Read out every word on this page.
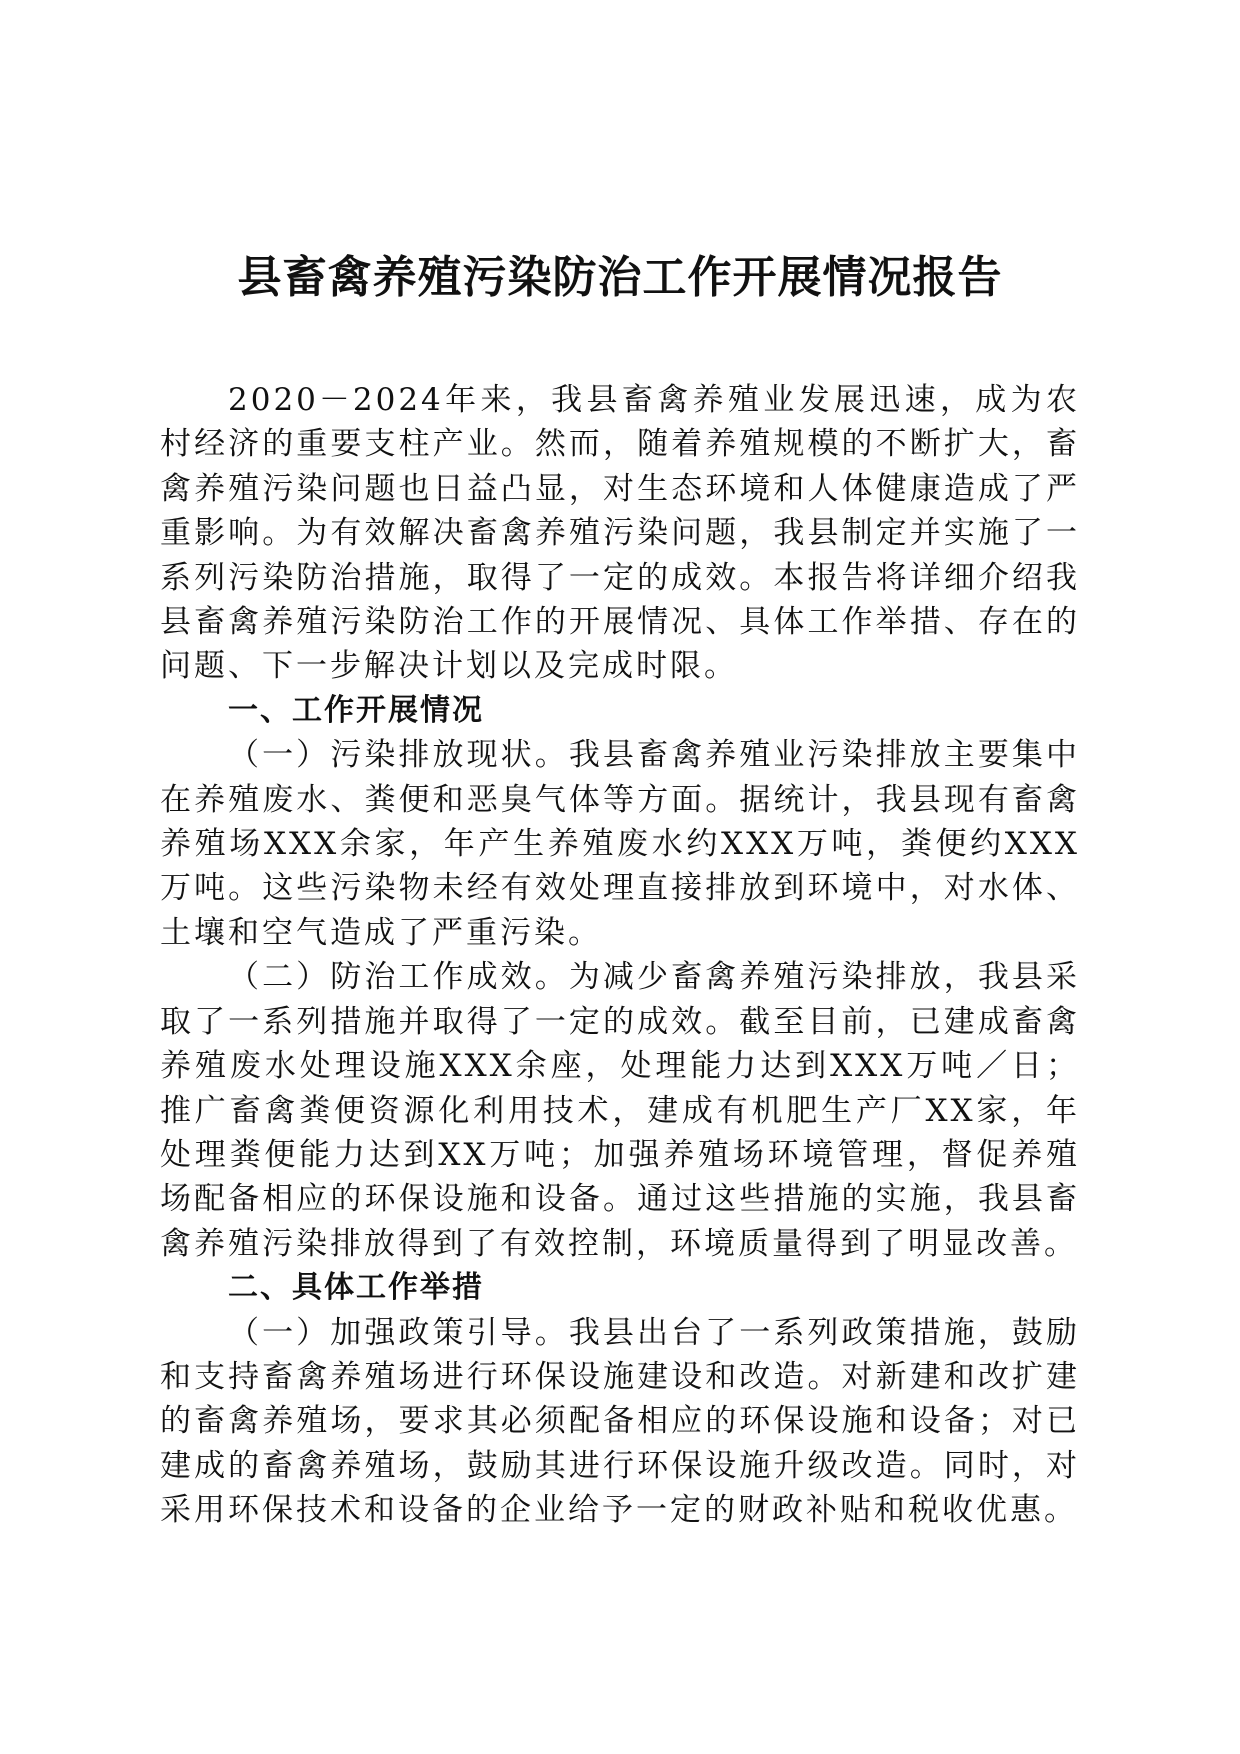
县畜禽养殖污染防治工作开展情况报告

2020－2024年来，我县畜禽养殖业发展迅速，成为农村经济的重要支柱产业。然而，随着养殖规模的不断扩大，畜禽养殖污染问题也日益凸显，对生态环境和人体健康造成了严重影响。为有效解决畜禽养殖污染问题，我县制定并实施了一系列污染防治措施，取得了一定的成效。本报告将详细介绍我县畜禽养殖污染防治工作的开展情况、具体工作举措、存在的问题、下一步解决计划以及完成时限。

一、工作开展情况

（一）污染排放现状。我县畜禽养殖业污染排放主要集中在养殖废水、粪便和恶臭气体等方面。据统计，我县现有畜禽养殖场XXX余家，年产生养殖废水约XXX万吨，粪便约XXX万吨。这些污染物未经有效处理直接排放到环境中，对水体、土壤和空气造成了严重污染。

（二）防治工作成效。为减少畜禽养殖污染排放，我县采取了一系列措施并取得了一定的成效。截至目前，已建成畜禽养殖废水处理设施XXX余座，处理能力达到XXX万吨／日；推广畜禽粪便资源化利用技术，建成有机肥生产厂XX家，年处理粪便能力达到XX万吨；加强养殖场环境管理，督促养殖场配备相应的环保设施和设备。通过这些措施的实施，我县畜禽养殖污染排放得到了有效控制，环境质量得到了明显改善。

二、具体工作举措

（一）加强政策引导。我县出台了一系列政策措施，鼓励和支持畜禽养殖场进行环保设施建设和改造。对新建和改扩建的畜禽养殖场，要求其必须配备相应的环保设施和设备；对已建成的畜禽养殖场，鼓励其进行环保设施升级改造。同时，对采用环保技术和设备的企业给予一定的财政补贴和税收优惠。
